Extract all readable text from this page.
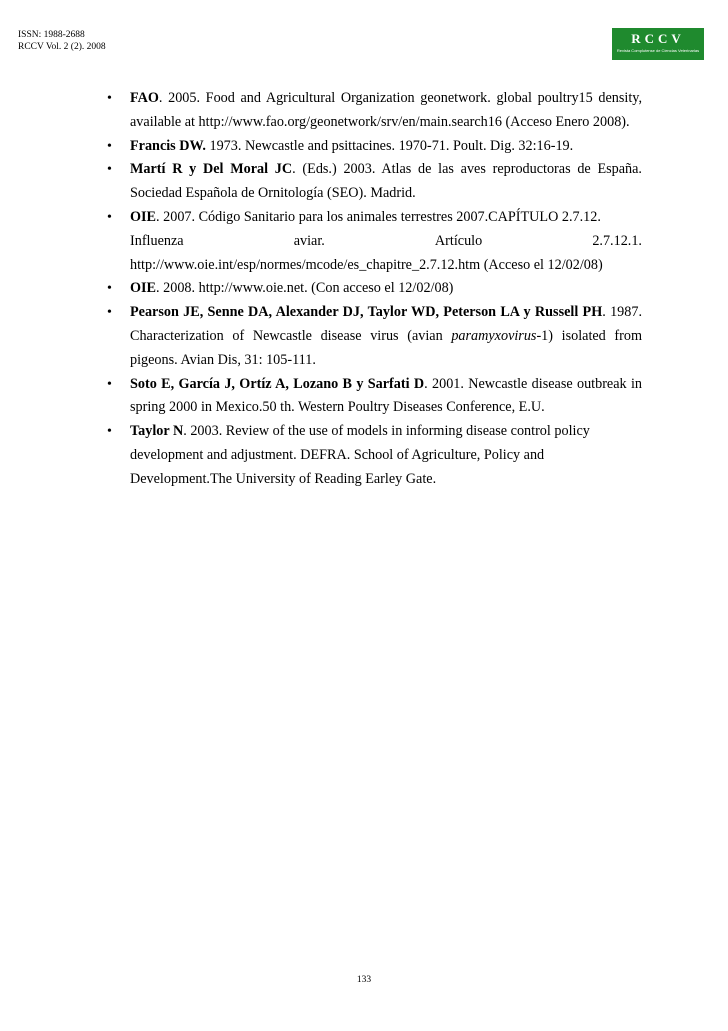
ISSN: 1988-2688
RCCV Vol. 2 (2). 2008
RCCV
Revista Complutense de Ciencias Veterinarias
• FAO. 2005. Food and Agricultural Organization geonetwork. global poultry15 density, available at http://www.fao.org/geonetwork/srv/en/main.search16 (Acceso Enero 2008).
• Francis DW. 1973. Newcastle and psittacines. 1970-71. Poult. Dig. 32:16-19.
• Martí R y Del Moral JC. (Eds.) 2003. Atlas de las aves reproductoras de España. Sociedad Española de Ornitología (SEO). Madrid.
• OIE. 2007. Código Sanitario para los animales terrestres 2007.CAPÍTULO 2.7.12.
Influenza	aviar.	Artículo	2.7.12.1.
http://www.oie.int/esp/normes/mcode/es_chapitre_2.7.12.htm (Acceso el 12/02/08)
• OIE. 2008. http://www.oie.net. (Con acceso el 12/02/08)
• Pearson JE, Senne DA, Alexander DJ, Taylor WD, Peterson LA y Russell PH. 1987. Characterization of Newcastle disease virus (avian paramyxovirus-1) isolated from pigeons. Avian Dis, 31: 105-111.
• Soto E, García J, Ortíz A, Lozano B y Sarfati D. 2001. Newcastle disease outbreak in spring 2000 in Mexico.50 th. Western Poultry Diseases Conference, E.U.
• Taylor N. 2003. Review of the use of models in informing disease control policy development and adjustment. DEFRA. School of Agriculture, Policy and Development.The University of Reading Earley Gate.
133
